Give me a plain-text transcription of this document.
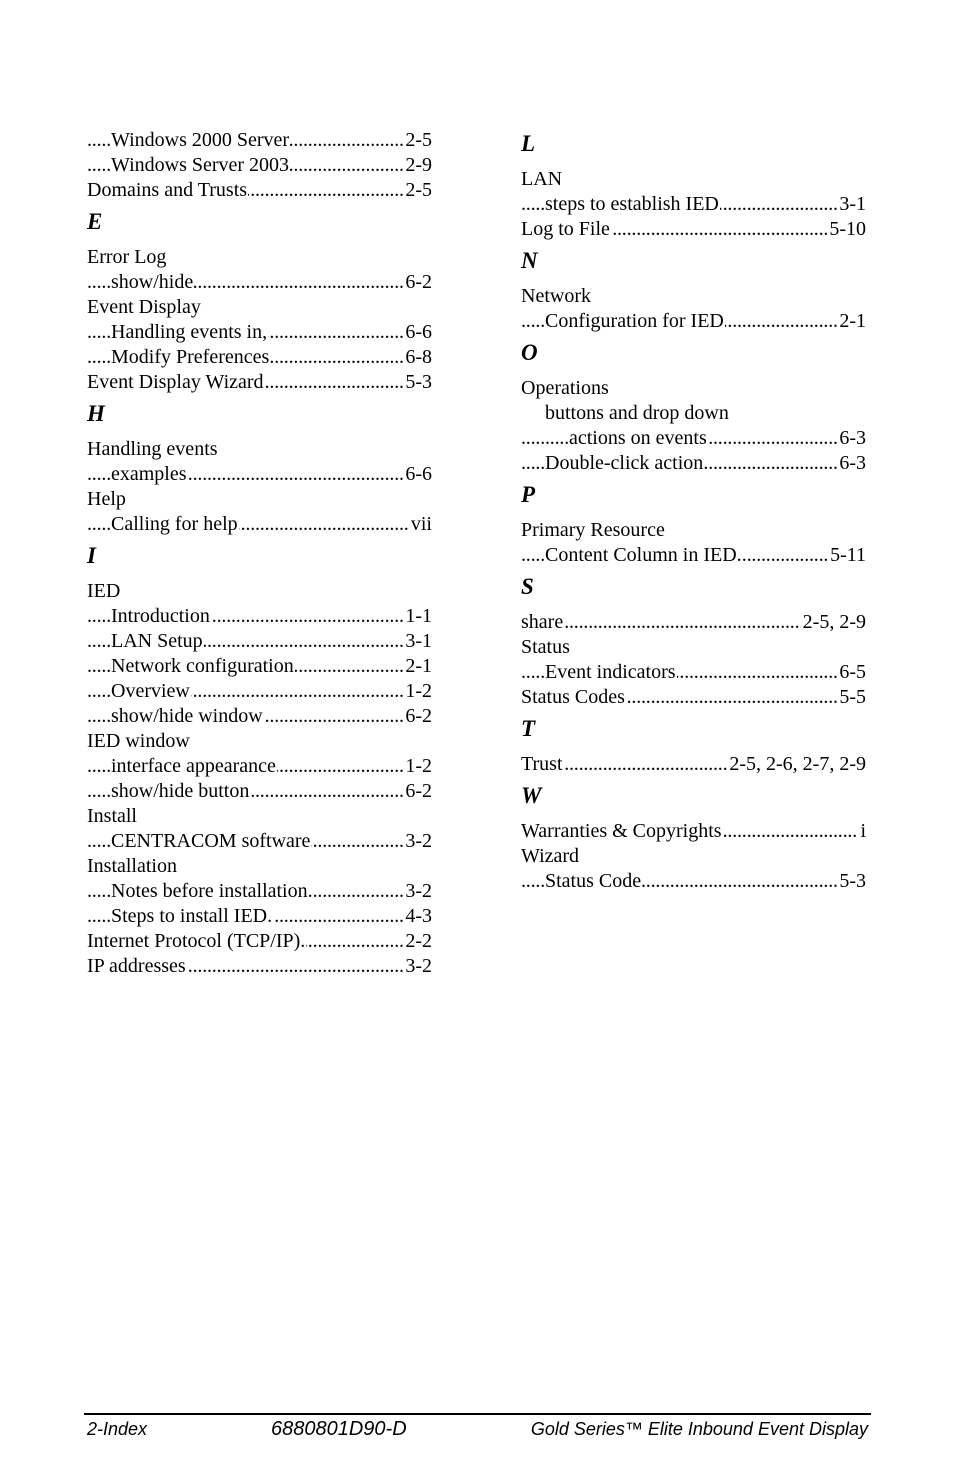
Windows 2000 Server	2-5
. . .
Windows Server 2003	2-9
. . .
Domains and Trusts	2-5
. . .
E
Error Log
show/hide	6-2
. . .
Event Display
Handling events in,	6-6
. . .
Modify Preferences	6-8
. . .
Event Display Wizard	5-3
. . .
H
Handling events
examples	6-6
. . .
Help
Calling for help	vii
. . .
I
IED
Introduction	1-1
. . .
LAN Setup	3-1
. . .
Network configuration	2-1
. . .
Overview	1-2
. . .
show/hide window	6-2
. . .
IED window
interface appearance	1-2
. . .
show/hide button	6-2
. . .
Install
CENTRACOM software	3-2
. . .
Installation
Notes before installation.	3-2
. . .
Steps to install IED.	4-3
. . .
Internet Protocol (TCP/IP).	2-2
. . .
IP addresses	3-2
. . .
L
LAN
steps to establish IED	3-1
. . .
Log to File	5-10
. . .
N
Network
Configuration for IED	2-1
. . .
O
Operations
buttons and drop down
actions on events	6-3
. . .
Double-click action	6-3
. . .
P
Primary Resource
Content Column in IED.	5-11
. . .
S
share	2-5, 2-9
. . .
Status
Event indicators	6-5
. . .
Status Codes	5-5
. . .
T
Trust	2-5, 2-6, 2-7, 2-9
. . .
W
Warranties & Copyrights	i
. . .
Wizard
Status Code	5-3
. . .
2-Index	6880801D90-D	Gold Series™ Elite Inbound Event Display
